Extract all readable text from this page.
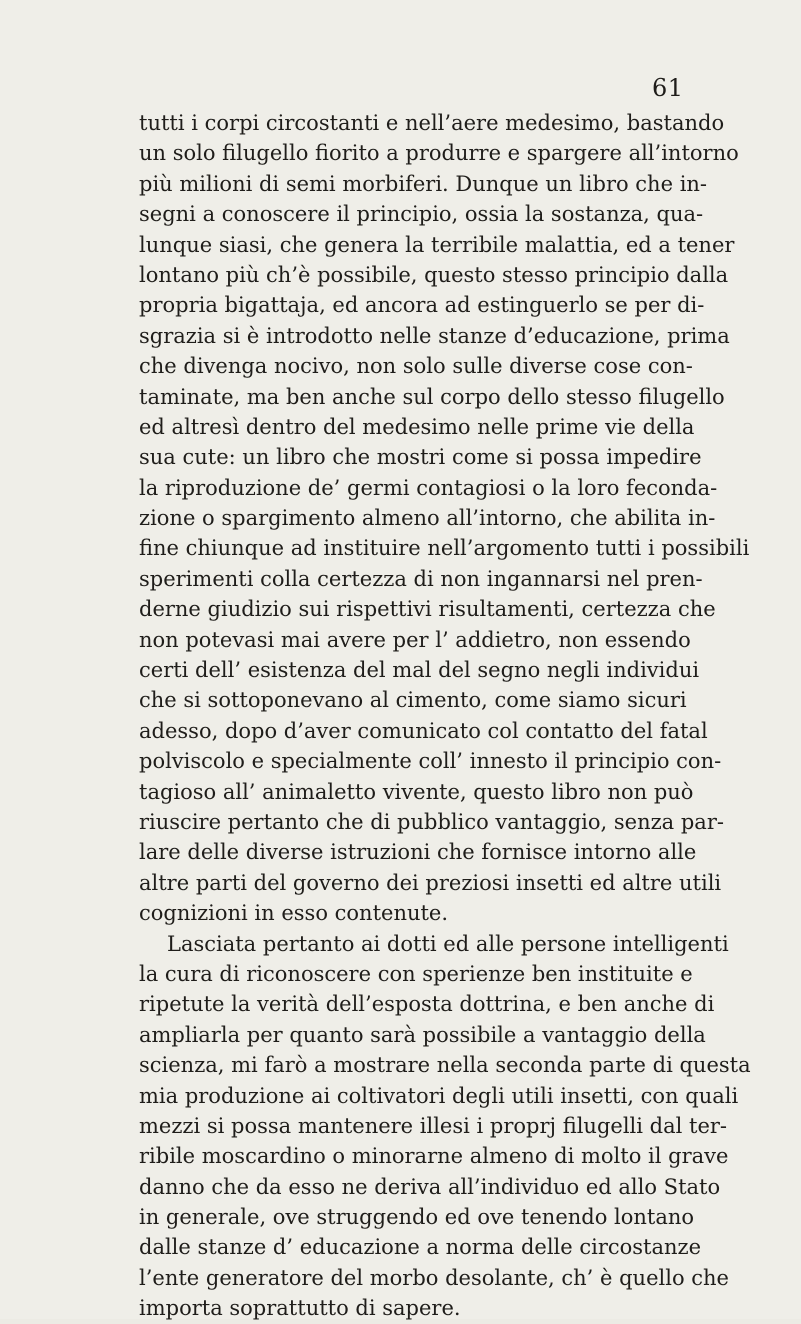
61
tutti i corpi circostanti e nell’aere medesimo, bastando
un solo filugello fiorito a produrre e spargere all’intorno
più milioni di semi morbiferi. Dunque un libro che in-
segni a conoscere il principio, ossia la sostanza, qua-
lunque siasi, che genera la terribile malattia, ed a tener
lontano più ch’è possibile, questo stesso principio dalla
propria bigattaja, ed ancora ad estinguerlo se per di-
sgrazia si è introdotto nelle stanze d’educazione, prima
che divenga nocivo, non solo sulle diverse cose con-
taminate, ma ben anche sul corpo dello stesso filugello
ed altresì dentro del medesimo nelle prime vie della
sua cute: un libro che mostri come si possa impedire
la riproduzione de’ germi contagiosi o la loro feconda-
zione o spargimento almeno all’intorno, che abilita in-
fine chiunque ad instituire nell’argomento tutti i possibili
sperimenti colla certezza di non ingannarsi nel pren-
derne giudizio sui rispettivi risultamenti, certezza che
non potevasi mai avere per l’ addietro, non essendo
certi dell’ esistenza del mal del segno negli individui
che si sottoponevano al cimento, come siamo sicuri
adesso, dopo d’aver comunicato col contatto del fatal
polviscolo e specialmente coll’ innesto il principio con-
tagioso all’ animaletto vivente, questo libro non può
riuscire pertanto che di pubblico vantaggio, senza par-
lare delle diverse istruzioni che fornisce intorno alle
altre parti del governo dei preziosi insetti ed altre utili
cognizioni in esso contenute.
Lasciata pertanto ai dotti ed alle persone intelligenti
la cura di riconoscere con sperienze ben instituite e
ripetute la verità dell’esposta dottrina, e ben anche di
ampliarla per quanto sarà possibile a vantaggio della
scienza, mi farò a mostrare nella seconda parte di questa
mia produzione ai coltivatori degli utili insetti, con quali
mezzi si possa mantenere illesi i proprj filugelli dal ter-
ribile moscardino o minorarne almeno di molto il grave
danno che da esso ne deriva all’individuo ed allo Stato
in generale, ove struggendo ed ove tenendo lontano
dalle stanze d’ educazione a norma delle circostanze
l’ente generatore del morbo desolante, ch’ è quello che
importa soprattutto di sapere.
